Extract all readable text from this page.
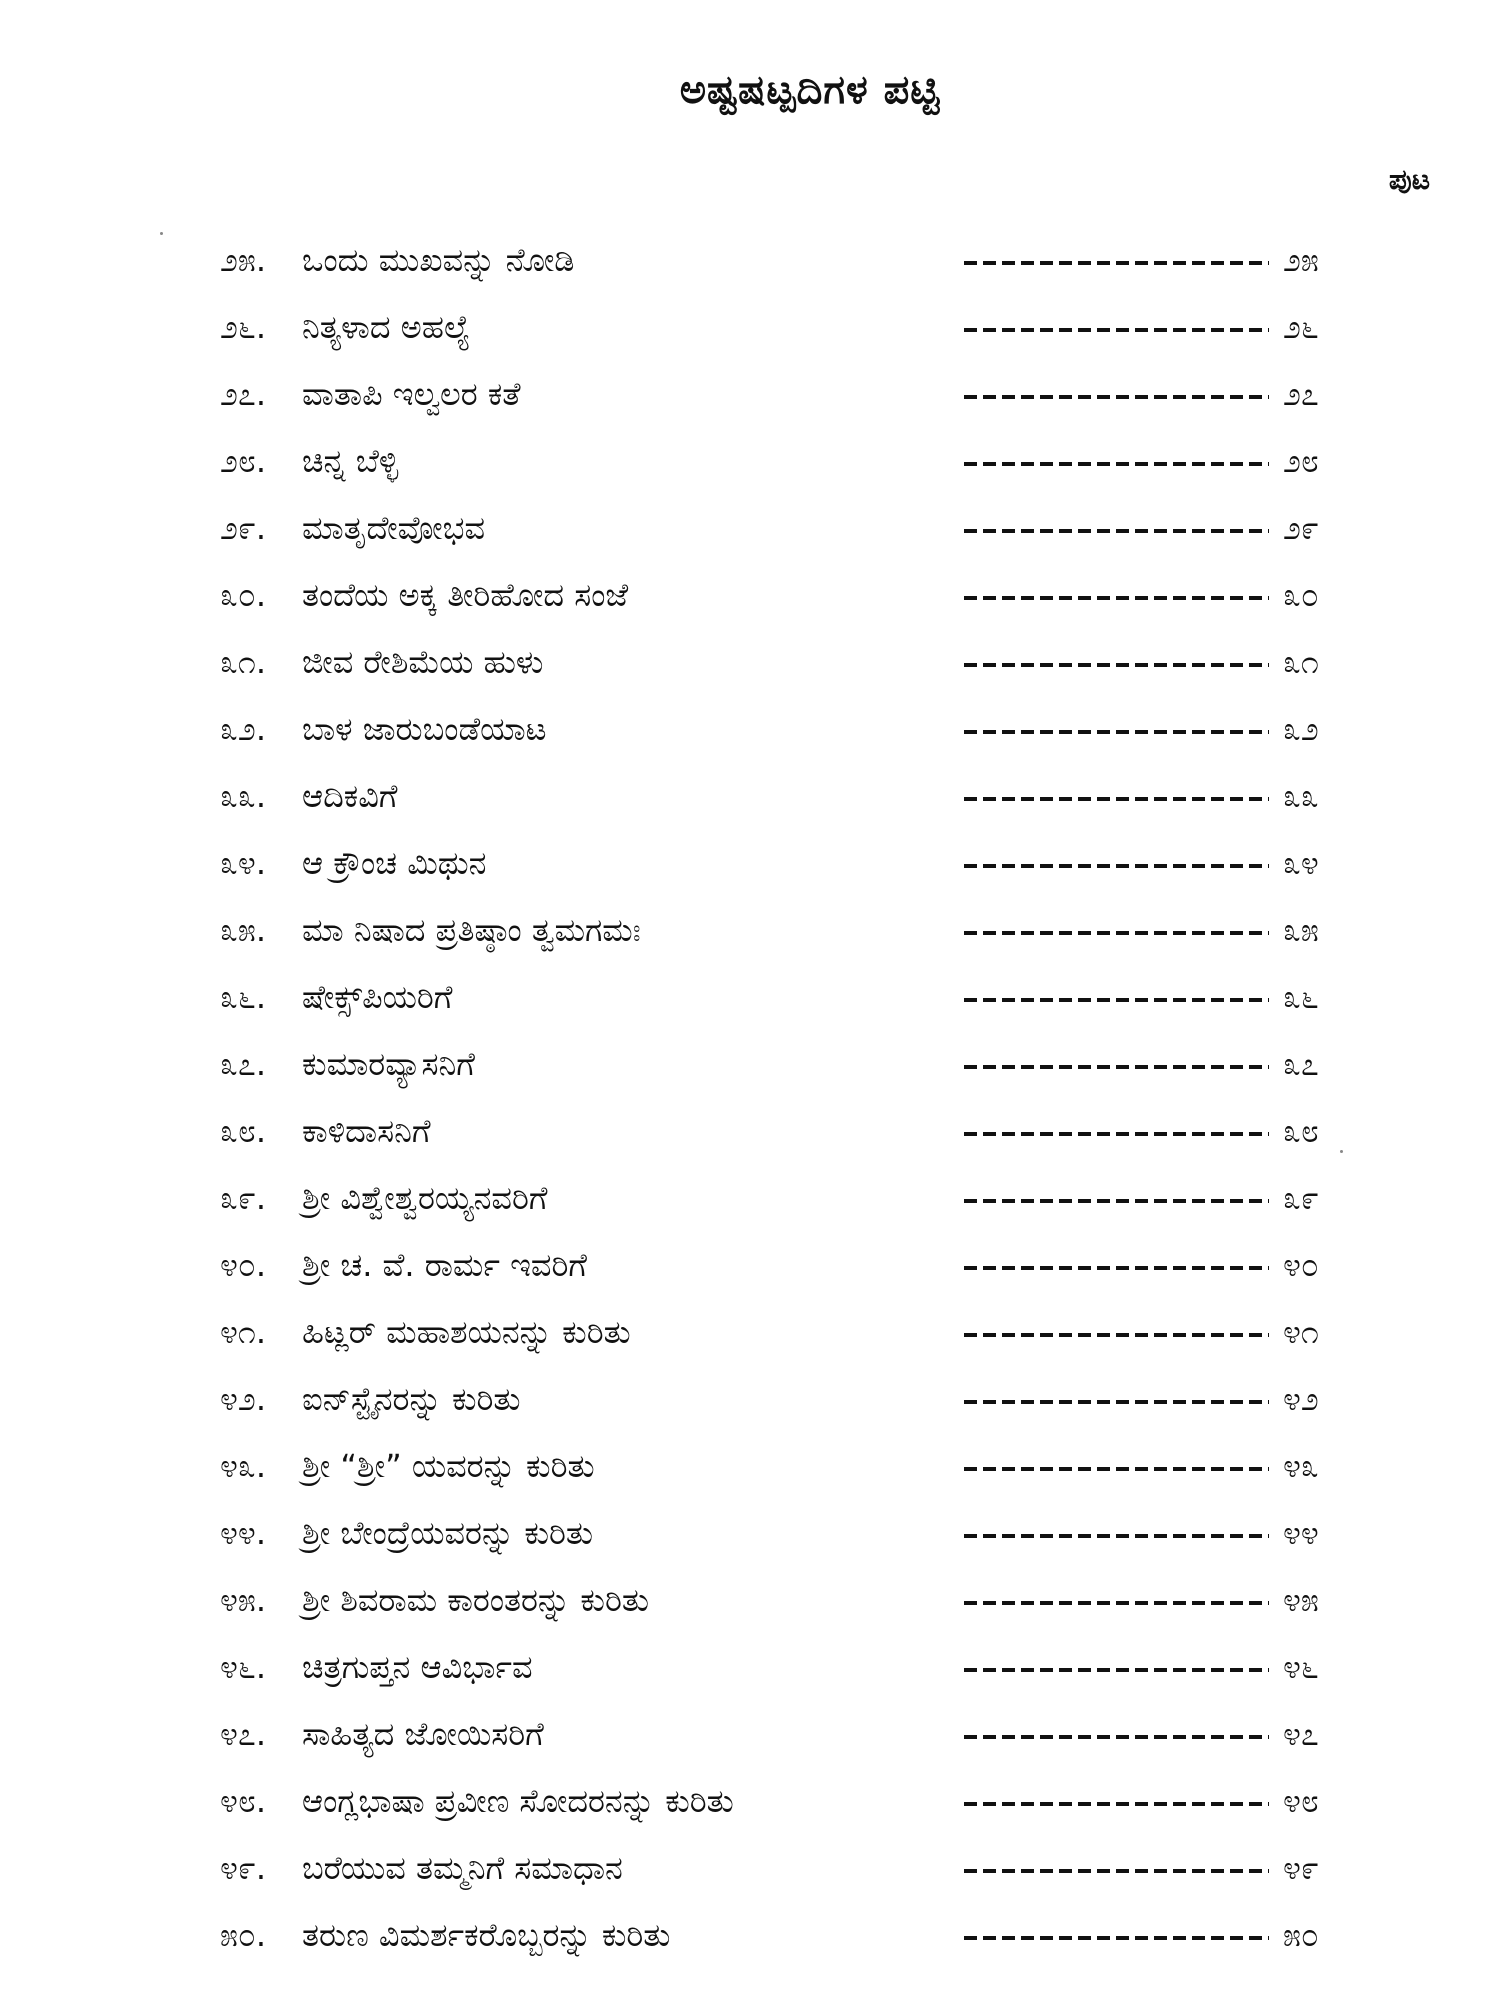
ಅಷ್ಟಷಟ್ಪದಿಗಳ ಪಟ್ಟಿ
ಪುಟ
೨೫.	ಒಂದು ಮುಖವನ್ನು ನೋಡಿ	೨೫
೨೬.	ನಿತ್ಯಳಾದ ಅಹಲ್ಯೆ	೨೬
೨೭.	ವಾತಾಪಿ ಇಲ್ವಲರ ಕತೆ	೨೭
೨೮.	ಚಿನ್ನ ಬೆಳ್ಳಿ	೨೮
೨೯.	ಮಾತೃದೇವೋಭವ	೨೯
೩೦.	ತಂದೆಯ ಅಕ್ಕ ತೀರಿಹೋದ ಸಂಜೆ	೩೦
೩೧.	ಜೀವ ರೇಶಿಮೆಯ ಹುಳು	೩೧
೩೨.	ಬಾಳ ಜಾರುಬಂಡೆಯಾಟ	೩೨
೩೩.	ಆದಿಕವಿಗೆ	೩೩
೩೪.	ಆ ಕ್ರೌಂಚ ಮಿಥುನ	೩೪
೩೫.	ಮಾ ನಿಷಾದ ಪ್ರತಿಷ್ಠಾಂ ತ್ವಮಗಮಃ	೩೫
೩೬.	ಷೇಕ್ಸ್‌ಪಿಯರಿಗೆ	೩೬
೩೭.	ಕುಮಾರವ್ಯಾಸನಿಗೆ	೩೭
೩೮.	ಕಾಳಿದಾಸನಿಗೆ	೩೮
೩೯.	ಶ್ರೀ ವಿಶ್ವೇಶ್ವರಯ್ಯನವರಿಗೆ	೩೯
೪೦.	ಶ್ರೀ ಚ. ವೆ. ರಾರ್ಮ ಇವರಿಗೆ	೪೦
೪೧.	ಹಿಟ್ಲರ್ ಮಹಾಶಯನನ್ನು ಕುರಿತು	೪೧
೪೨.	ಐನ್‌ಸ್ಟೈನರನ್ನು ಕುರಿತು	೪೨
೪೩.	ಶ್ರೀ “ಶ್ರೀ” ಯವರನ್ನು ಕುರಿತು	೪೩
೪೪.	ಶ್ರೀ ಬೇಂದ್ರೆಯವರನ್ನು ಕುರಿತು	೪೪
೪೫.	ಶ್ರೀ ಶಿವರಾಮ ಕಾರಂತರನ್ನು ಕುರಿತು	೪೫
೪೬.	ಚಿತ್ರಗುಪ್ತನ ಆವಿರ್ಭಾವ	೪೬
೪೭.	ಸಾಹಿತ್ಯದ ಜೋಯಿಸರಿಗೆ	೪೭
೪೮.	ಆಂಗ್ಲಭಾಷಾ ಪ್ರವೀಣ ಸೋದರನನ್ನು ಕುರಿತು	೪೮
೪೯.	ಬರೆಯುವ ತಮ್ಮನಿಗೆ ಸಮಾಧಾನ	೪೯
೫೦.	ತರುಣ ವಿಮರ್ಶಕರೊಬ್ಬರನ್ನು ಕುರಿತು	೫೦
